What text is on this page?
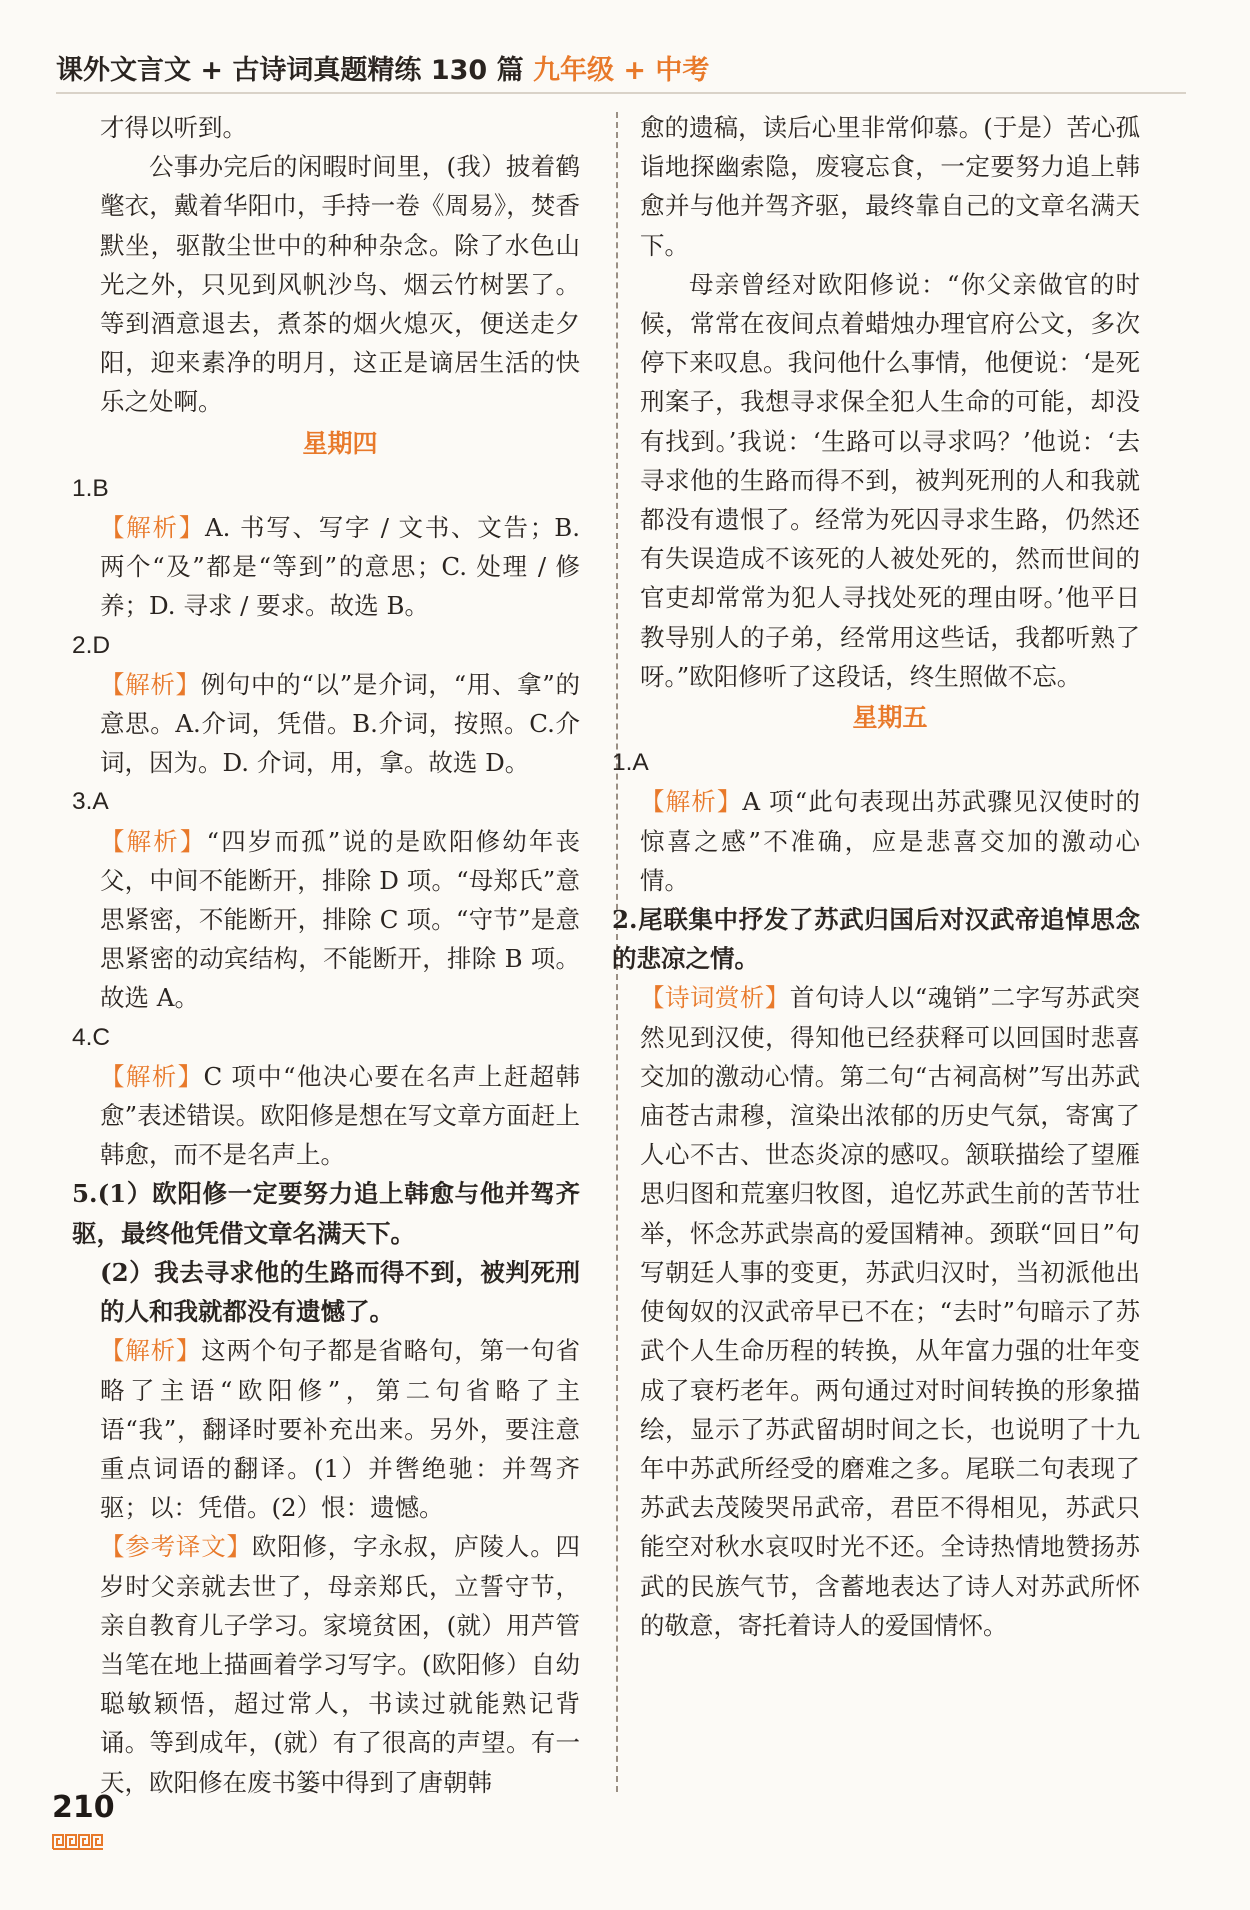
课外文言文 + 古诗词真题精练 130 篇 九年级 + 中考

才得以听到。

公事办完后的闲暇时间里，(我）披着鹤氅衣，戴着华阳巾，手持一卷《周易》，焚香默坐，驱散尘世中的种种杂念。除了水色山光之外，只见到风帆沙鸟、烟云竹树罢了。等到酒意退去，煮茶的烟火熄灭，便送走夕阳，迎来素净的明月，这正是谪居生活的快乐之处啊。

星期四
1.B

【解析】A. 书写、写字 / 文书、文告；B. 两个“及”都是“等到”的意思；C. 处理 / 修养；D. 寻求 / 要求。故选 B。

2.D

【解析】例句中的“以”是介词，“用、拿”的意思。A.介词，凭借。B.介词，按照。C.介词，因为。D. 介词，用，拿。故选 D。

3.A

【解析】“四岁而孤”说的是欧阳修幼年丧父，中间不能断开，排除 D 项。“母郑氏”意思紧密，不能断开，排除 C 项。“守节”是意思紧密的动宾结构，不能断开，排除 B 项。故选 A。

4.C

【解析】C 项中“他决心要在名声上赶超韩愈”表述错误。欧阳修是想在写文章方面赶上韩愈，而不是名声上。

5.(1）欧阳修一定要努力追上韩愈与他并驾齐驱，最终他凭借文章名满天下。

(2）我去寻求他的生路而得不到，被判死刑的人和我就都没有遗憾了。

【解析】这两个句子都是省略句，第一句省略了主语“欧阳修”，第二句省略了主语“我”，翻译时要补充出来。另外，要注意重点词语的翻译。(1）并辔绝驰：并驾齐驱；以：凭借。(2）恨：遗憾。

【参考译文】欧阳修，字永叔，庐陵人。四岁时父亲就去世了，母亲郑氏，立誓守节，亲自教育儿子学习。家境贫困，(就）用芦管当笔在地上描画着学习写字。(欧阳修）自幼聪敏颖悟，超过常人，书读过就能熟记背诵。等到成年，(就）有了很高的声望。有一天，欧阳修在废书篓中得到了唐朝韩

愈的遗稿，读后心里非常仰慕。(于是）苦心孤诣地探幽索隐，废寝忘食，一定要努力追上韩愈并与他并驾齐驱，最终靠自己的文章名满天下。

母亲曾经对欧阳修说：“你父亲做官的时候，常常在夜间点着蜡烛办理官府公文，多次停下来叹息。我问他什么事情，他便说：‘是死刑案子，我想寻求保全犯人生命的可能，却没有找到。’我说：‘生路可以寻求吗？’他说：‘去寻求他的生路而得不到，被判死刑的人和我就都没有遗恨了。经常为死囚寻求生路，仍然还有失误造成不该死的人被处死的，然而世间的官吏却常常为犯人寻找处死的理由呀。’他平日教导别人的子弟，经常用这些话，我都听熟了呀。”欧阳修听了这段话，终生照做不忘。

星期五
1.A

【解析】A 项“此句表现出苏武骤见汉使时的惊喜之感”不准确，应是悲喜交加的激动心情。

2.尾联集中抒发了苏武归国后对汉武帝追悼思念的悲凉之情。

【诗词赏析】首句诗人以“魂销”二字写苏武突然见到汉使，得知他已经获释可以回国时悲喜交加的激动心情。第二句“古祠高树”写出苏武庙苍古肃穆，渲染出浓郁的历史气氛，寄寓了人心不古、世态炎凉的感叹。颔联描绘了望雁思归图和荒塞归牧图，追忆苏武生前的苦节壮举，怀念苏武崇高的爱国精神。颈联“回日”句写朝廷人事的变更，苏武归汉时，当初派他出使匈奴的汉武帝早已不在；“去时”句暗示了苏武个人生命历程的转换，从年富力强的壮年变成了衰朽老年。两句通过对时间转换的形象描绘，显示了苏武留胡时间之长，也说明了十九年中苏武所经受的磨难之多。尾联二句表现了苏武去茂陵哭吊武帝，君臣不得相见，苏武只能空对秋水哀叹时光不还。全诗热情地赞扬苏武的民族气节，含蓄地表达了诗人对苏武所怀的敬意，寄托着诗人的爱国情怀。

210
